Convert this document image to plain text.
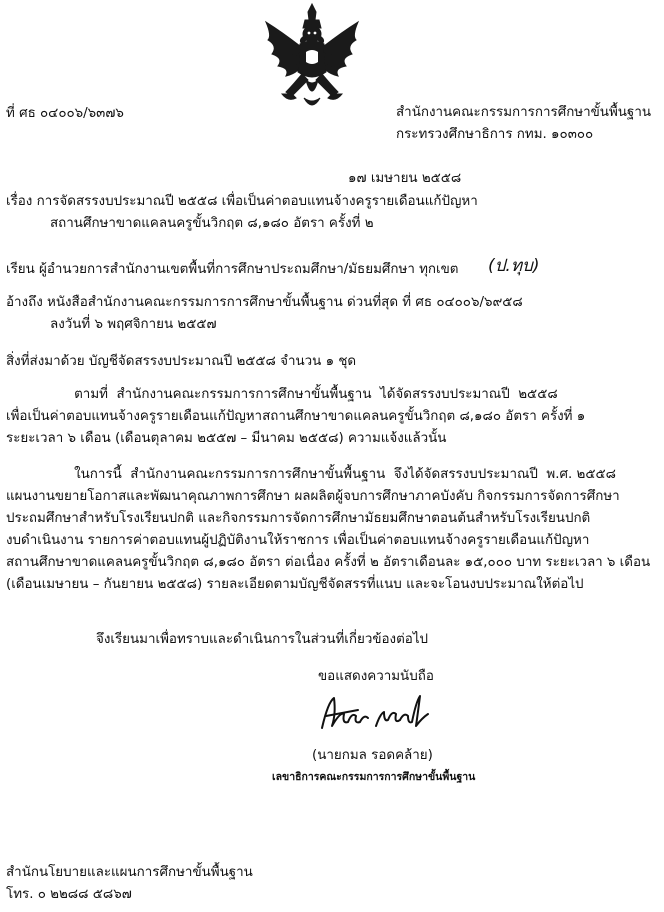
ที่ ศธ ๐๔๐๐๖/๖๓๗๖	สำนักงานคณะกรรมการการศึกษาขั้นพื้นฐาน
กระทรวงศึกษาธิการ กทม. ๑๐๓๐๐
๑๗ เมษายน ๒๕๕๘
เรื่อง การจัดสรรงบประมาณปี ๒๕๕๘ เพื่อเป็นค่าตอบแทนจ้างครูรายเดือนแก้ปัญหา
สถานศึกษาขาดแคลนครูขั้นวิกฤต ๘,๑๘๐ อัตรา ครั้งที่ ๒
เรียน ผู้อำนวยการสำนักงานเขตพื้นที่การศึกษาประถมศึกษา/มัธยมศึกษา ทุกเขต (ป.ทุบ)
อ้างถึง หนังสือสำนักงานคณะกรรมการการศึกษาขั้นพื้นฐาน ด่วนที่สุด ที่ ศธ ๐๔๐๐๖/๖๙๕๘
ลงวันที่ ๖ พฤศจิกายน ๒๕๕๗
สิ่งที่ส่งมาด้วย บัญชีจัดสรรงบประมาณปี ๒๕๕๘ จำนวน ๑ ชุด
ตามที่  สำนักงานคณะกรรมการการศึกษาขั้นพื้นฐาน  ได้จัดสรรงบประมาณปี  ๒๕๕๘
เพื่อเป็นค่าตอบแทนจ้างครูรายเดือนแก้ปัญหาสถานศึกษาขาดแคลนครูขั้นวิกฤต ๘,๑๘๐ อัตรา ครั้งที่ ๑
ระยะเวลา ๖ เดือน (เดือนตุลาคม ๒๕๕๗ – มีนาคม ๒๕๕๘) ความแจ้งแล้วนั้น
ในการนี้  สำนักงานคณะกรรมการการศึกษาขั้นพื้นฐาน  จึงได้จัดสรรงบประมาณปี  พ.ศ. ๒๕๕๘
แผนงานขยายโอกาสและพัฒนาคุณภาพการศึกษา ผลผลิตผู้จบการศึกษาภาคบังคับ กิจกรรมการจัดการศึกษา
ประถมศึกษาสำหรับโรงเรียนปกติ และกิจกรรมการจัดการศึกษามัธยมศึกษาตอนต้นสำหรับโรงเรียนปกติ
งบดำเนินงาน รายการค่าตอบแทนผู้ปฏิบัติงานให้ราชการ เพื่อเป็นค่าตอบแทนจ้างครูรายเดือนแก้ปัญหา
สถานศึกษาขาดแคลนครูขั้นวิกฤต ๘,๑๘๐ อัตรา ต่อเนื่อง ครั้งที่ ๒ อัตราเดือนละ ๑๕,๐๐๐ บาท ระยะเวลา ๖ เดือน
(เดือนเมษายน – กันยายน ๒๕๕๘) รายละเอียดตามบัญชีจัดสรรที่แนบ และจะโอนงบประมาณให้ต่อไป
จึงเรียนมาเพื่อทราบและดำเนินการในส่วนที่เกี่ยวข้องต่อไป
ขอแสดงความนับถือ
(นายกมล รอดคล้าย)
เลขาธิการคณะกรรมการการศึกษาขั้นพื้นฐาน
สำนักนโยบายและแผนการศึกษาขั้นพื้นฐาน
โทร. ๐ ๒๒๘๘ ๕๘๖๗
